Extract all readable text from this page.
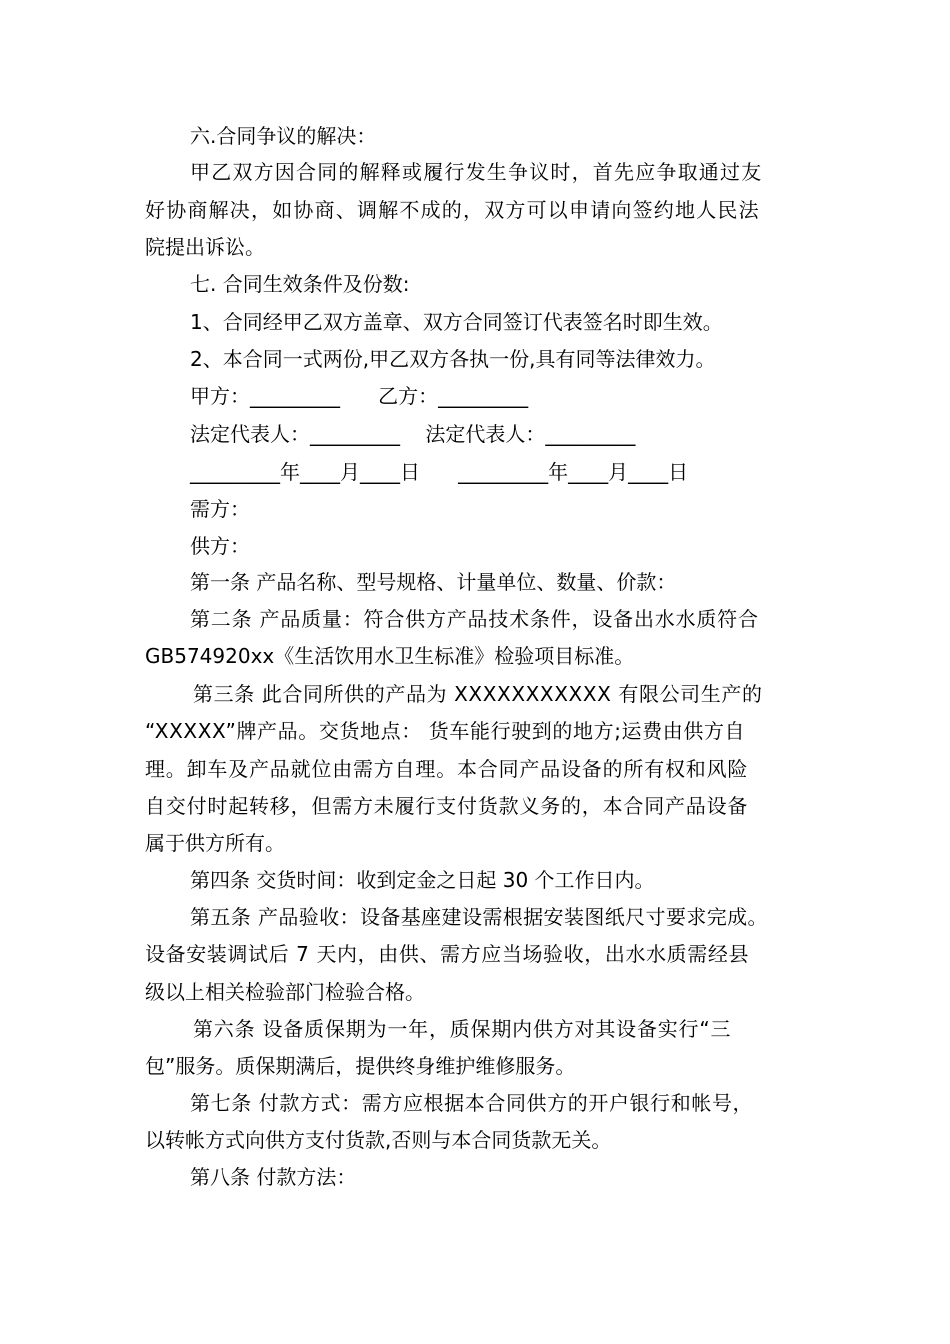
六.合同争议的解决：
甲乙双方因合同的解释或履行发生争议时，首先应争取通过友
好协商解决，如协商、调解不成的，双方可以申请向签约地人民法
院提出诉讼。
七. 合同生效条件及份数:
1、合同经甲乙双方盖章、双方合同签订代表签名时即生效。
2、本合同一式两份,甲乙双方各执一份,具有同等法律效力。
甲方：_________      乙方：_________
法定代表人：_________    法定代表人：_________
_________年____月____日      _________年____月____日
需方：
供方：
第一条 产品名称、型号规格、计量单位、数量、价款：
第二条 产品质量：符合供方产品技术条件，设备出水水质符合
GB574920xx《生活饮用水卫生标准》检验项目标准。
第三条 此合同所供的产品为 XXXXXXXXXXX 有限公司生产的
“XXXXX”牌产品。交货地点： 货车能行驶到的地方;运费由供方自
理。卸车及产品就位由需方自理。本合同产品设备的所有权和风险
自交付时起转移，但需方未履行支付货款义务的，本合同产品设备
属于供方所有。
第四条 交货时间：收到定金之日起 30 个工作日内。
第五条 产品验收：设备基座建设需根据安装图纸尺寸要求完成。
设备安装调试后 7 天内，由供、需方应当场验收，出水水质需经县
级以上相关检验部门检验合格。
第六条 设备质保期为一年，质保期内供方对其设备实行“三
包”服务。质保期满后，提供终身维护维修服务。
第七条 付款方式：需方应根据本合同供方的开户银行和帐号，
以转帐方式向供方支付货款,否则与本合同货款无关。
第八条 付款方法：
